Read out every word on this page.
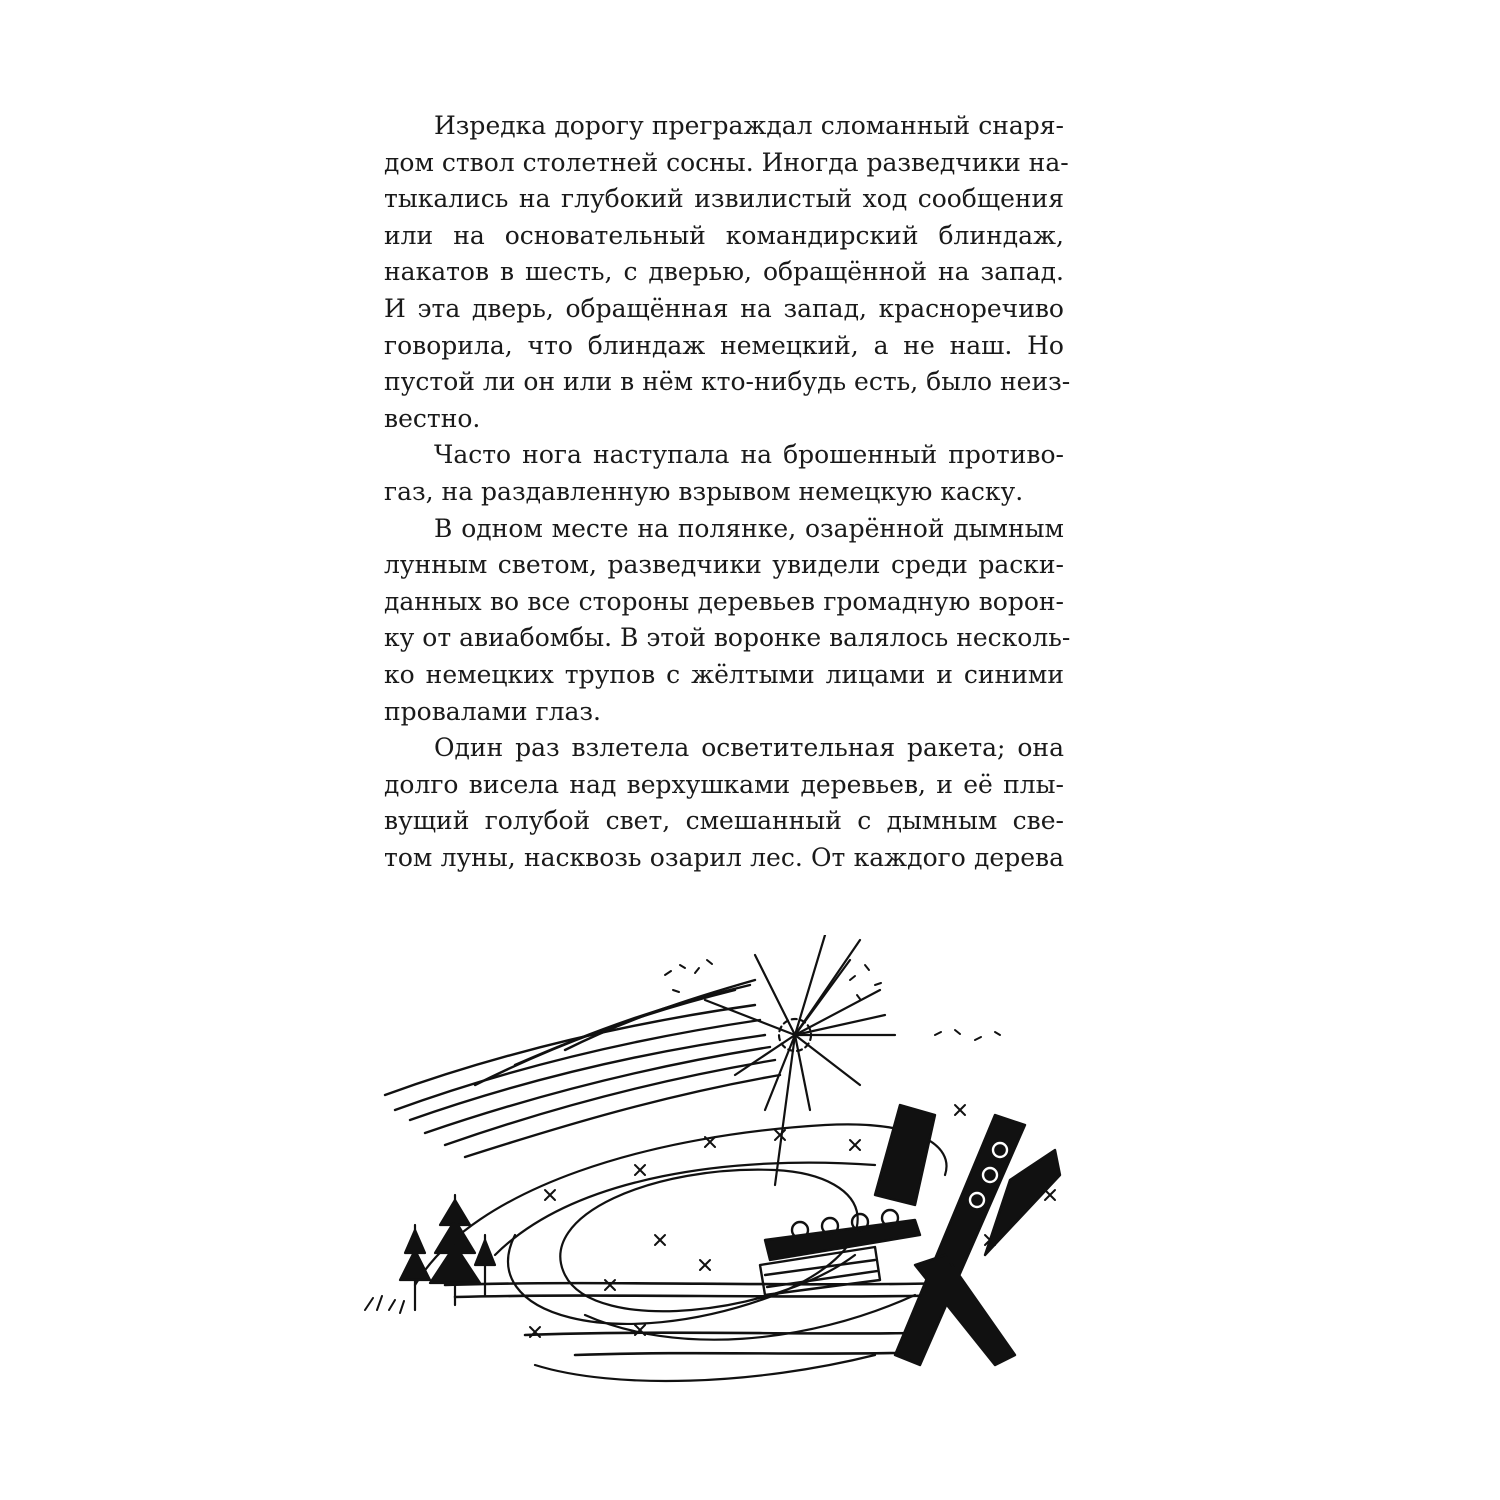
Изредка дорогу преграждал сломанный снаря-
дом ствол столетней сосны. Иногда разведчики на-
тыкались на глубокий извилистый ход сообщения
или на основательный командирский блиндаж,
накатов в шесть, с дверью, обращённой на запад.
И эта дверь, обращённая на запад, красноречиво
говорила, что блиндаж немецкий, а не наш. Но
пустой ли он или в нём кто-нибудь есть, было неиз-
вестно.
Часто нога наступала на брошенный противо-
газ, на раздавленную взрывом немецкую каску.
В одном месте на полянке, озарённой дымным
лунным светом, разведчики увидели среди раски-
данных во все стороны деревьев громадную ворон-
ку от авиабомбы. В этой воронке валялось несколь-
ко немецких трупов с жёлтыми лицами и синими
провалами глаз.
Один раз взлетела осветительная ракета; она
долго висела над верхушками деревьев, и её плы-
вущий голубой свет, смешанный с дымным све-
том луны, насквозь озарил лес. От каждого дерева
